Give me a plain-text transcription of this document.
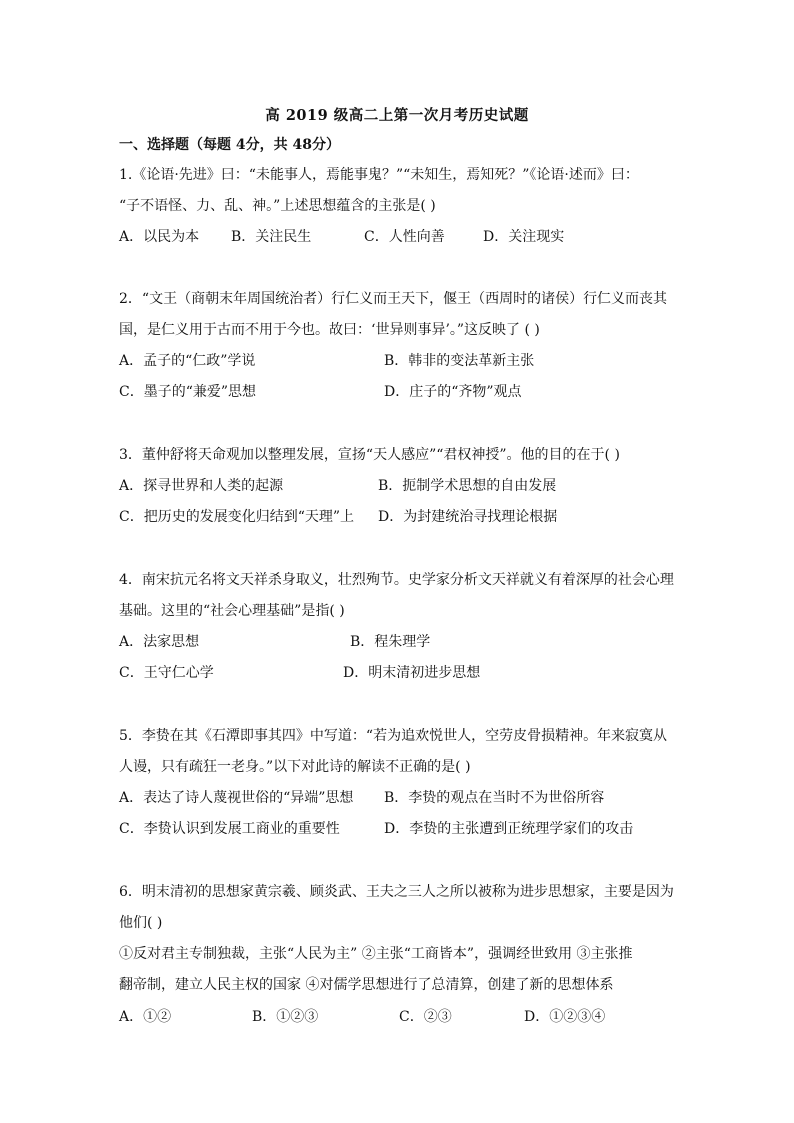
高 2019 级高二上第一次月考历史试题
一、选择题（每题 4分，共 48分）
1.《论语·先进》曰：“未能事人，焉能事鬼？”“未知生，焉知死？”《论语·述而》曰：
“子不语怪、力、乱、神。”上述思想蕴含的主张是( )
A．以民为本 B．关注民生	C．人性向善	D．关注现实
2．“文王（商朝末年周国统治者）行仁义而王天下，偃王（西周时的诸侯）行仁义而丧其
国，是仁义用于古而不用于今也。故曰：‘世异则事异’。”这反映了 ( )
A．孟子的“仁政”学说	B．韩非的变法革新主张
C．墨子的“兼爱”思想	D．庄子的“齐物”观点
3．董仲舒将天命观加以整理发展，宣扬“天人感应”“君权神授”。他的目的在于( )
A．探寻世界和人类的起源	B．扼制学术思想的自由发展
C．把历史的发展变化归结到“天理”上 D．为封建统治寻找理论根据
4．南宋抗元名将文天祥杀身取义，壮烈殉节。史学家分析文天祥就义有着深厚的社会心理
基础。这里的“社会心理基础”是指( )
A．法家思想	B．程朱理学
C．王守仁心学	D．明末清初进步思想
5．李贽在其《石潭即事其四》中写道：“若为追欢悦世人，空劳皮骨损精神。年来寂寞从
人谩，只有疏狂一老身。”以下对此诗的解读不正确的是( )
A．表达了诗人蔑视世俗的“异端”思想 B．李贽的观点在当时不为世俗所容
C．李贽认识到发展工商业的重要性	D．李贽的主张遭到正统理学家们的攻击
6．明末清初的思想家黄宗羲、顾炎武、王夫之三人之所以被称为进步思想家，主要是因为
他们( )
①反对君主专制独裁，主张“人民为主” ②主张“工商皆本”，强调经世致用 ③主张推
翻帝制，建立人民主权的国家 ④对儒学思想进行了总清算，创建了新的思想体系
A．①②	B．①②③	C．②③	D．①②③④
